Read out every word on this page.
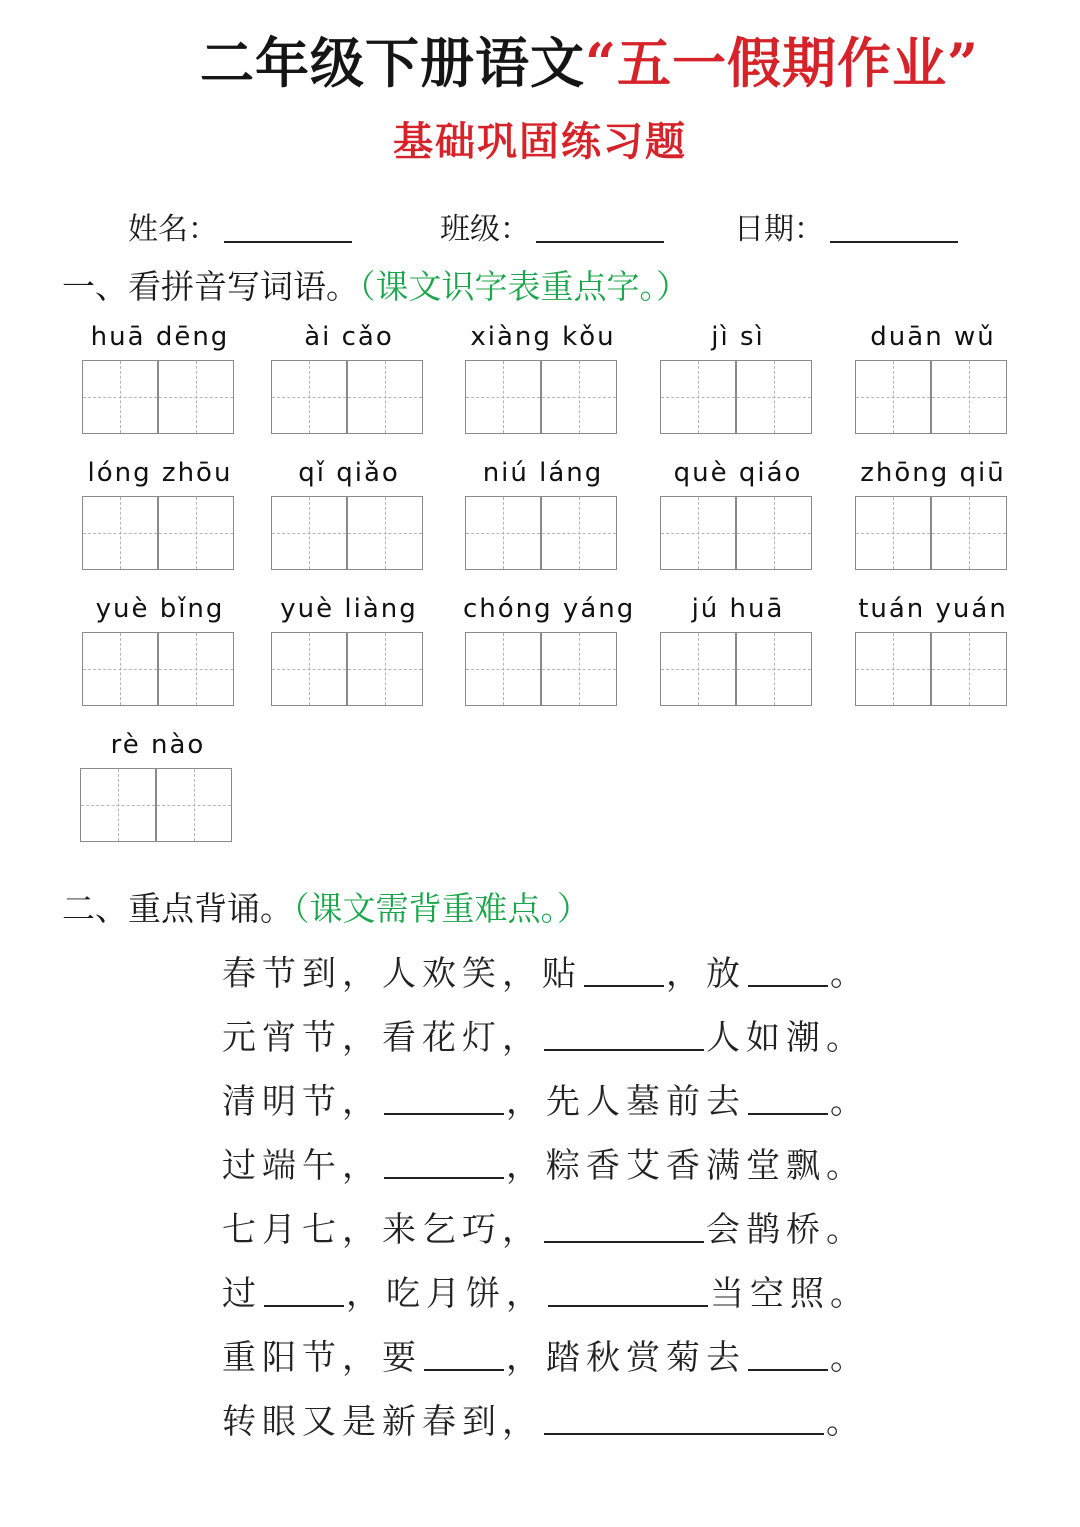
二年级下册语文“五一假期作业”
基础巩固练习题
姓名：	班级：	日期：
一、看拼音写词语。（课文识字表重点字。）
huā dēng	ài cǎo	xiàng kǒu	jì sì	duān wǔ
lóng zhōu	qǐ qiǎo	niú láng	què qiáo	zhōng qiū
yuè bǐng	yuè liàng	chóng yáng	jú huā	tuán yuán
rè nào
二、重点背诵。（课文需背重难点。）
春节到，人欢笑，贴 ，放 。
元宵节，看花灯，	人如潮。
清明节，	，先人墓前去 。
过端午，	，粽香艾香满堂飘。
七月七，来乞巧，	会鹊桥。
过 ，吃月饼，	当空照。
重阳节，要 ，踏秋赏菊去 。
转眼又是新春到，	。
